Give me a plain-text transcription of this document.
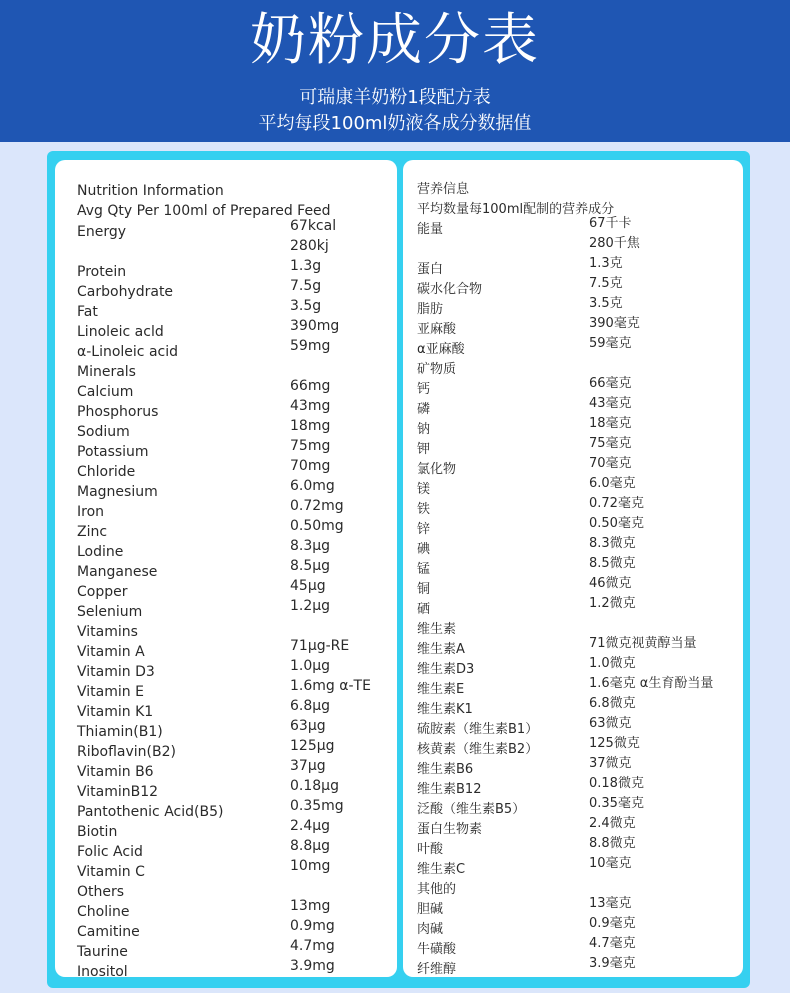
奶粉成分表
可瑞康羊奶粉1段配方表
平均每段100ml奶液各成分数据值
Nutrition Information
Avg Qty Per 100ml of Prepared Feed
Energy	67kcal
280kj
Protein	1.3g
Carbohydrate	7.5g
Fat	3.5g
Linoleic acld	390mg
α-Linoleic acid	59mg
Minerals
Calcium	66mg
Phosphorus	43mg
Sodium	18mg
Potassium	75mg
Chloride	70mg
Magnesium	6.0mg
Iron	0.72mg
Zinc	0.50mg
Lodine	8.3μg
Manganese	8.5μg
Copper	45μg
Selenium	1.2μg
Vitamins
Vitamin A	71μg-RE
Vitamin D3	1.0μg
Vitamin E	1.6mg α-TE
Vitamin K1	6.8μg
Thiamin(B1)	63μg
Riboflavin(B2)	125μg
Vitamin B6	37μg
VitaminB12	0.18μg
Pantothenic Acid(B5)	0.35mg
Biotin	2.4μg
Folic Acid	8.8μg
Vitamin C	10mg
Others
Choline	13mg
Camitine	0.9mg
Taurine	4.7mg
Inositol	3.9mg
营养信息
平均数量每100ml配制的营养成分
能量	67千卡
280千焦
蛋白	1.3克
碳水化合物	7.5克
脂肪	3.5克
亚麻酸	390毫克
α亚麻酸	59毫克
矿物质
钙	66毫克
磷	43毫克
钠	18毫克
钾	75毫克
氯化物	70毫克
镁	6.0毫克
铁	0.72毫克
锌	0.50毫克
碘	8.3微克
锰	8.5微克
铜	46微克
硒	1.2微克
维生素
维生素A	71微克视黄醇当量
维生素D3	1.0微克
维生素E	1.6毫克 α生育酚当量
维生素K1	6.8微克
硫胺素（维生素B1）	63微克
核黄素（维生素B2）	125微克
维生素B6	37微克
维生素B12	0.18微克
泛酸（维生素B5）	0.35毫克
蛋白生物素	2.4微克
叶酸	8.8微克
维生素C	10毫克
其他的
胆碱	13毫克
肉碱	0.9毫克
牛磺酸	4.7毫克
纤维醇	3.9毫克
